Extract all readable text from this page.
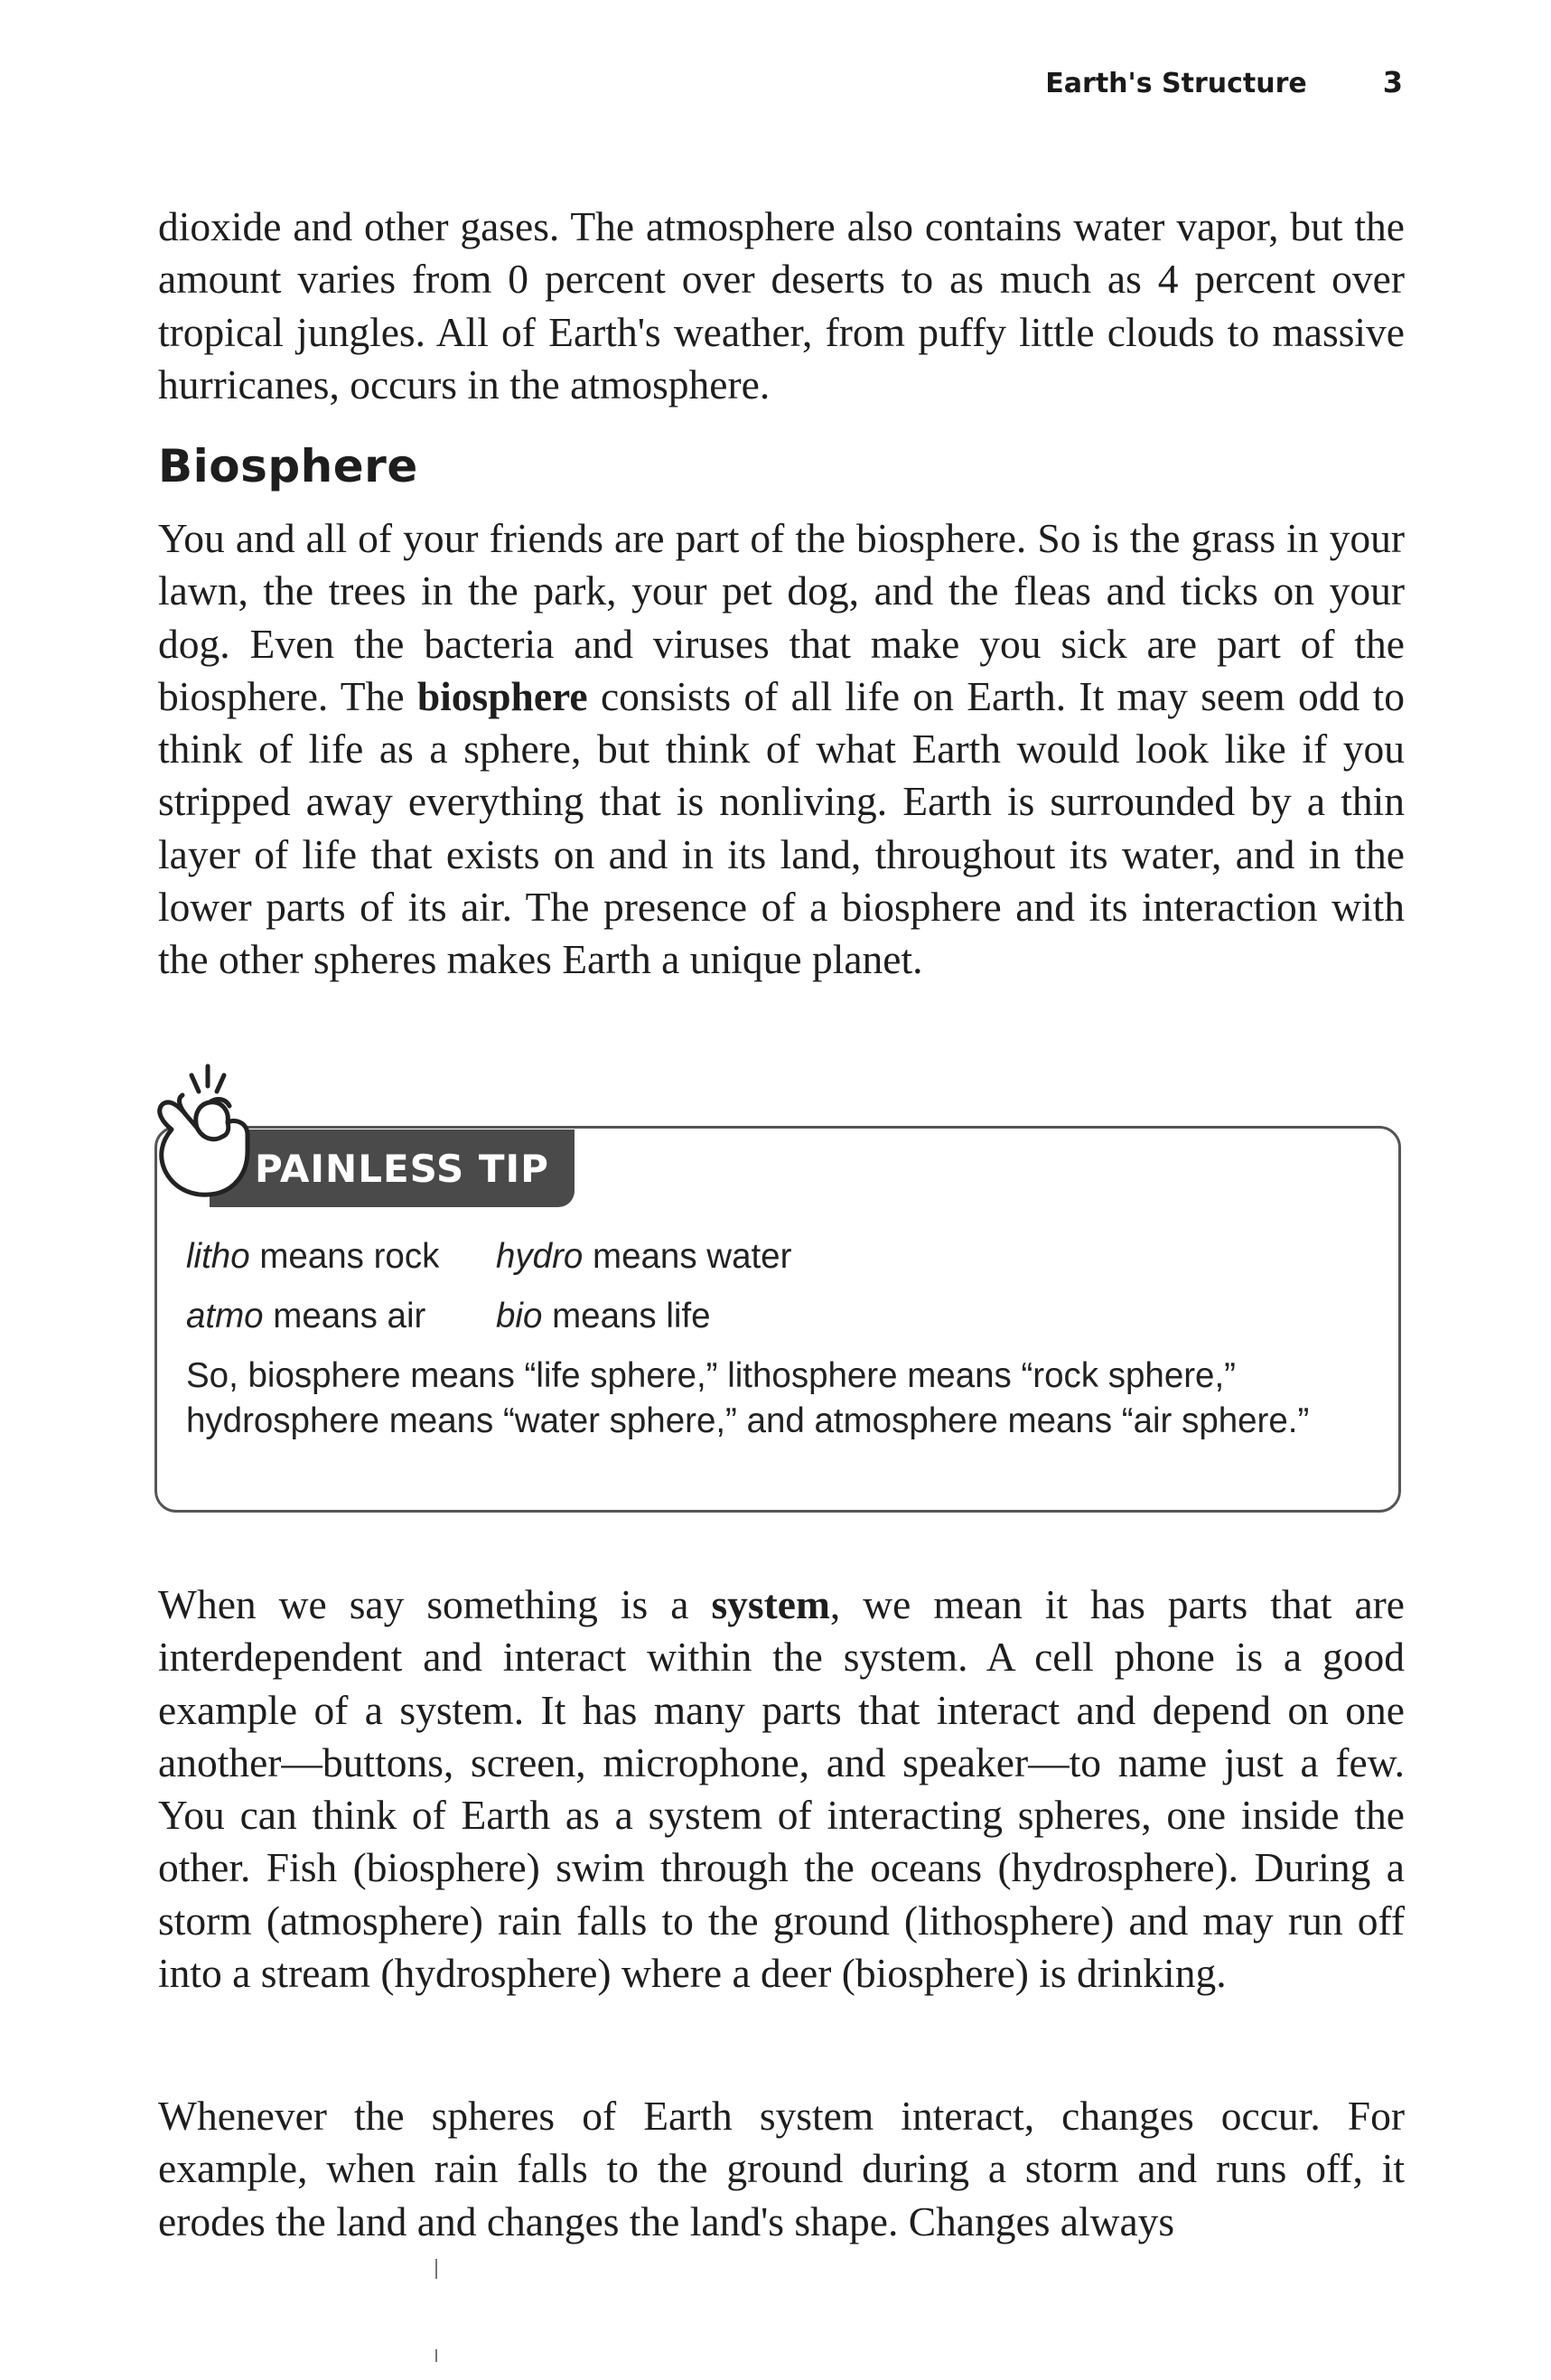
Earth's Structure	3

dioxide and other gases. The atmosphere also contains water vapor, but the amount varies from 0 percent over deserts to as much as 4 percent over tropical jungles. All of Earth's weather, from puffy little clouds to massive hurricanes, occurs in the atmosphere.

Biosphere

You and all of your friends are part of the biosphere. So is the grass in your lawn, the trees in the park, your pet dog, and the fleas and ticks on your dog. Even the bacteria and viruses that make you sick are part of the biosphere. The biosphere consists of all life on Earth. It may seem odd to think of life as a sphere, but think of what Earth would look like if you stripped away everything that is nonliving. Earth is surrounded by a thin layer of life that exists on and in its land, throughout its water, and in the lower parts of its air. The presence of a biosphere and its interaction with the other spheres makes Earth a unique planet.

PAINLESS TIP
litho means rock	hydro means water
atmo means air	bio means life
So, biosphere means “life sphere,” lithosphere means “rock sphere,” hydrosphere means “water sphere,” and atmosphere means “air sphere.”

When we say something is a system, we mean it has parts that are interdependent and interact within the system. A cell phone is a good example of a system. It has many parts that interact and depend on one another—buttons, screen, microphone, and speaker—to name just a few. You can think of Earth as a system of interacting spheres, one inside the other. Fish (biosphere) swim through the oceans (hydrosphere). During a storm (atmosphere) rain falls to the ground (lithosphere) and may run off into a stream (hydrosphere) where a deer (biosphere) is drinking.

Whenever the spheres of Earth system interact, changes occur. For example, when rain falls to the ground during a storm and runs off, it erodes the land and changes the land's shape. Changes always
